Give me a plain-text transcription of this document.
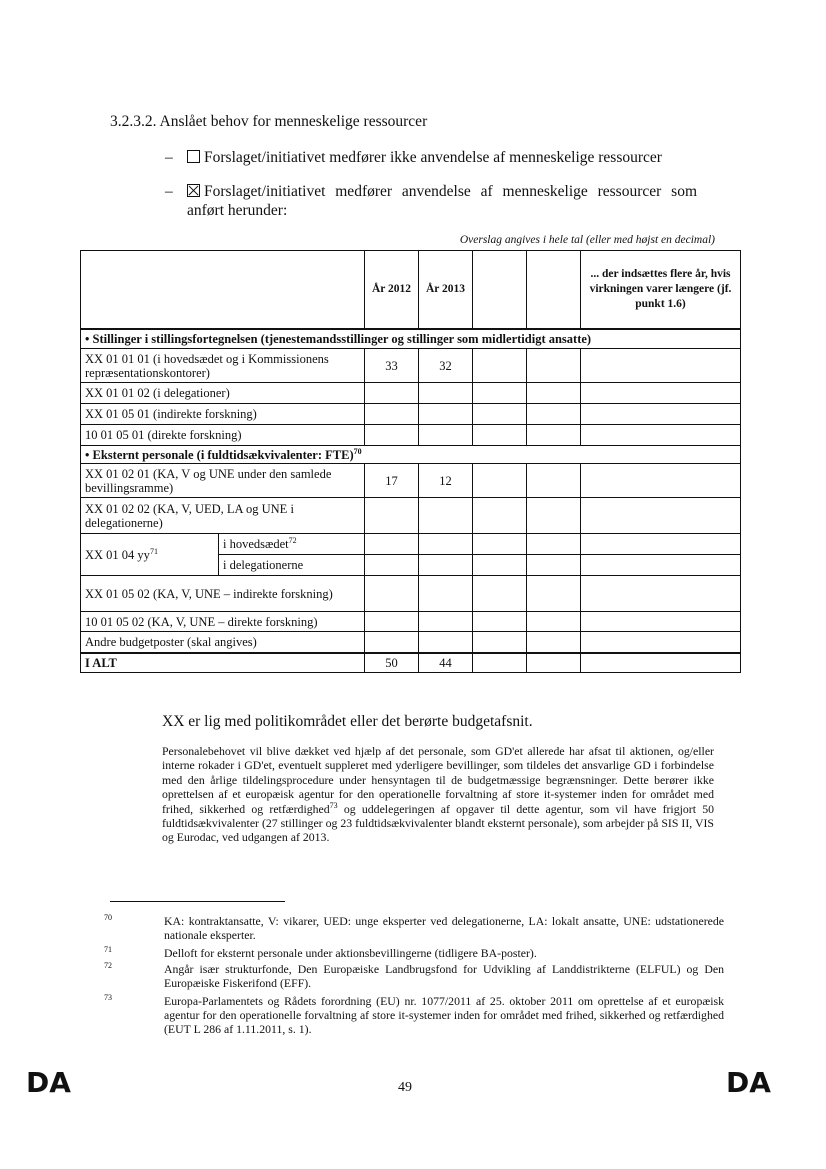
3.2.3.2. Anslået behov for menneskelige ressourcer
–	Forslaget/initiativet medfører ikke anvendelse af menneskelige ressourcer
–	Forslaget/initiativet medfører anvendelse af menneskelige ressourcer som anført herunder:
Overslag angives i hele tal (eller med højst en decimal)
		År 2012	År 2013			... der indsættes flere år, hvis virkningen varer længere (jf. punkt 1.6)
• Stillinger i stillingsfortegnelsen (tjenestemandsstillinger og stillinger som midlertidigt ansatte)						
XX 01 01 01 (i hovedsædet og i Kommissionens repræsentationskontorer)		33	32			
XX 01 01 02 (i delegationer)						
XX 01 05 01 (indirekte forskning)						
10 01 05 01 (direkte forskning)						
• Eksternt personale (i fuldtidsækvivalenter: FTE)$^{70}$
XX 01 02 01 (KA, V og UNE under den samlede bevillingsramme)		17	12			
XX 01 02 02 (KA, V, UED, LA og UNE i delegationerne)						
XX 01 04 $yy^{71}$	i hovedsædet$^{72}$					
	i delegationerne					
XX 01 05 02 (KA, V, UNE – indirekte forskning)						
10 01 05 02 (KA, V, UNE – direkte forskning)						
Andre budgetposter (skal angives)						
I ALT		50	44			
XX er lig med politikområdet eller det berørte budgetafsnit.
Personalebehovet vil blive dækket ved hjælp af det personale, som GD'et allerede har afsat til aktionen, og/eller interne rokader i GD'et, eventuelt suppleret med yderligere bevillinger, som tildeles det ansvarlige GD i forbindelse med den årlige tildelingsprocedure under hensyntagen til de budgetmæssige begrænsninger. Dette berører ikke oprettelsen af et europæisk agentur for den operationelle forvaltning af store it-systemer inden for området med frihed, sikkerhed og retfærdighed$^{73}$ og uddelegeringen af opgaver til dette agentur, som vil have frigjort 50 fuldtidsækvivalenter (27 stillinger og 23 fuldtidsækvivalenter blandt eksternt personale), som arbejder på SIS II, VIS og Eurodac, ved udgangen af 2013.
70	KA: kontraktansatte, V: vikarer, UED: unge eksperter ved delegationerne, LA: lokalt ansatte, UNE: udstationerede nationale eksperter.
71	Delloft for eksternt personale under aktionsbevillingerne (tidligere BA-poster).
72	Angår især strukturfonde, Den Europæiske Landbrugsfond for Udvikling af Landdistrikterne (ELFUL) og Den Europæiske Fiskerifond (EFF).
73	Europa-Parlamentets og Rådets forordning (EU) nr. 1077/2011 af 25. oktober 2011 om oprettelse af et europæisk agentur for den operationelle forvaltning af store it-systemer inden for området med frihed, sikkerhed og retfærdighed (EUT L 286 af 1.11.2011, s. 1).
DA	49	DA
